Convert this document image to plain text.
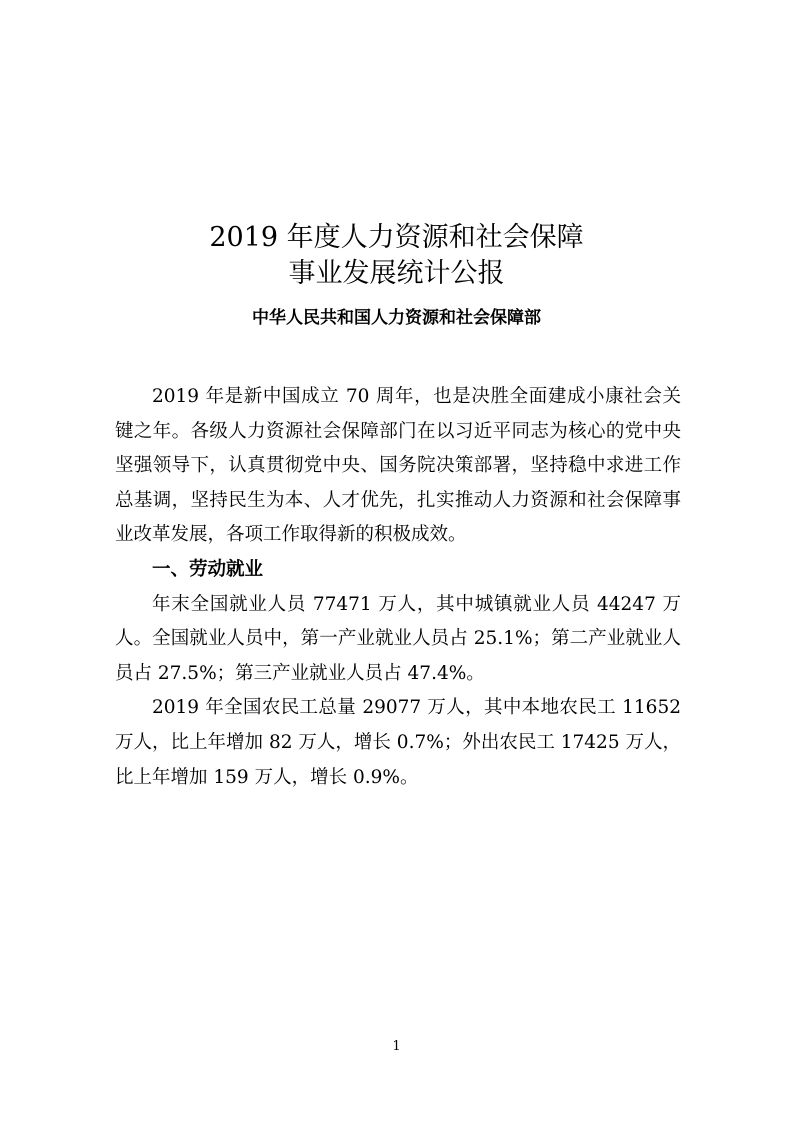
2019 年度人力资源和社会保障
事业发展统计公报
中华人民共和国人力资源和社会保障部

2019 年是新中国成立 70 周年，也是决胜全面建成小康社会关键之年。各级人力资源社会保障部门在以习近平同志为核心的党中央坚强领导下，认真贯彻党中央、国务院决策部署，坚持稳中求进工作总基调，坚持民生为本、人才优先，扎实推动人力资源和社会保障事业改革发展，各项工作取得新的积极成效。

一、劳动就业

年末全国就业人员 77471 万人，其中城镇就业人员 44247 万人。全国就业人员中，第一产业就业人员占 25.1%；第二产业就业人员占 27.5%；第三产业就业人员占 47.4%。

2019 年全国农民工总量 29077 万人，其中本地农民工 11652 万人，比上年增加 82 万人，增长 0.7%；外出农民工 17425 万人，比上年增加 159 万人，增长 0.9%。

1
